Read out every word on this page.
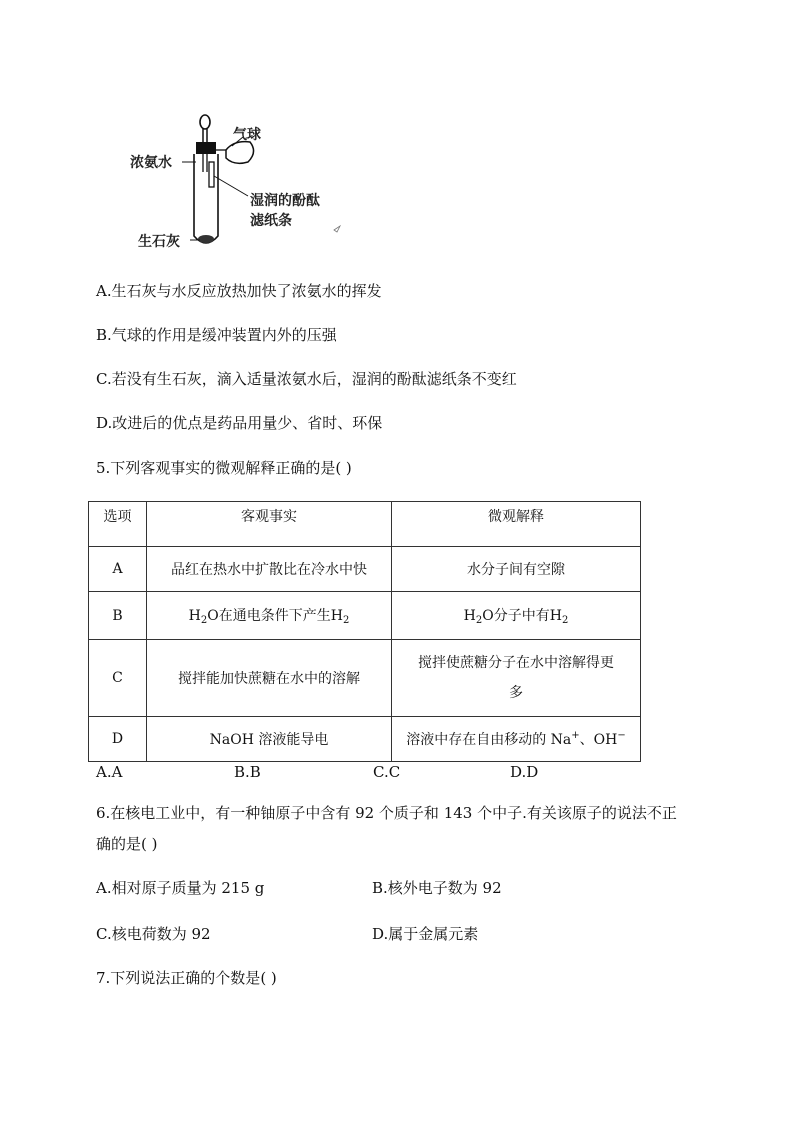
气球
浓氨水
湿润的酚酞
滤纸条
生石灰
A.生石灰与水反应放热加快了浓氨水的挥发
B.气球的作用是缓冲装置内外的压强
C.若没有生石灰，滴入适量浓氨水后，湿润的酚酞滤纸条不变红
D.改进后的优点是药品用量少、省时、环保
5.下列客观事实的微观解释正确的是( )
选项	客观事实	微观解释
A	品红在热水中扩散比在冷水中快	水分子间有空隙
B	$H_2O$在通电条件下产生$H_2$	$H_2O$分子中有$H_2$
C	搅拌能加快蔗糖在水中的溶解	搅拌使蔗糖分子在水中溶解得更
多

D	NaOH 溶液能导电	溶液中存在自由移动的 Na+、OH−
A.A	B.B	C.C	D.D
6.在核电工业中，有一种铀原子中含有 92 个质子和 143 个中子.有关该原子的说法不正
确的是( )
A.相对原子质量为 215 g	B.核外电子数为 92
C.核电荷数为 92	D.属于金属元素
7.下列说法正确的个数是( )
